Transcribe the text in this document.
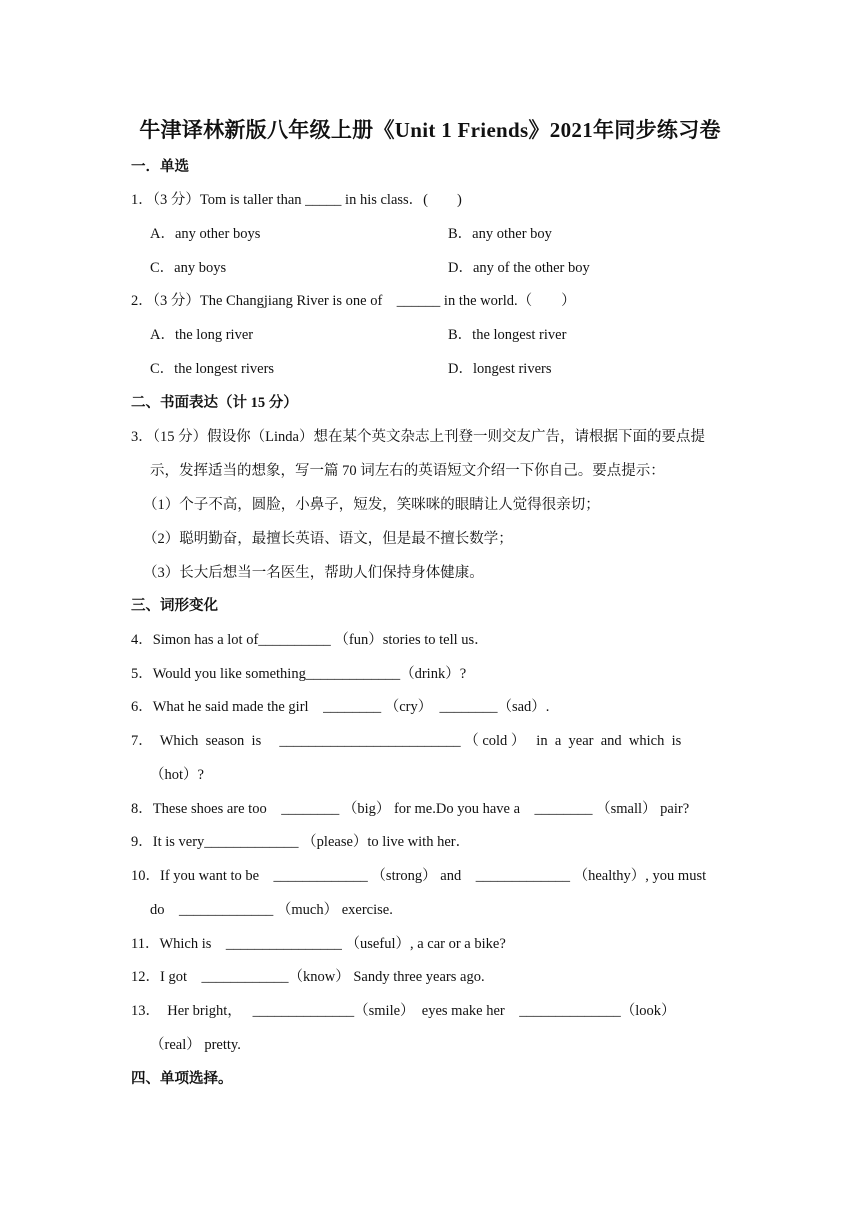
牛津译林新版八年级上册《Unit 1 Friends》2021年同步练习卷
一．单选
1．（3 分）Tom is taller than _____ in his class．(　　)
A．any other boys	B．any other boy
C．any boys	D．any of the other boy
2．（3 分）The Changjiang River is one of　______ in the world.（　　）
A．the long river	B．the longest river
C．the longest rivers	D．longest rivers
二、书面表达（计 15 分）
3．（15 分）假设你（Linda）想在某个英文杂志上刊登一则交友广告，请根据下面的要点提
示，发挥适当的想象，写一篇 70 词左右的英语短文介绍一下你自己。要点提示：
（1）个子不高，圆脸，小鼻子，短发，笑咪咪的眼睛让人觉得很亲切；
（2）聪明勤奋，最擅长英语、语文，但是最不擅长数学；
（3）长大后想当一名医生，帮助人们保持身体健康。
三、词形变化
4．Simon has a lot of__________ （fun）stories to tell us．
5．Would you like something_____________（drink）?
6．What he said made the girl　________ （cry）　________（sad）.
7．  Which  season  is　 _________________________ （ cold ）   in  a  year  and  which  is
（hot）?
8．These shoes are too　________ （big） for me.Do you have a　________ （small） pair?
9．It is very_____________ （please）to live with her．
10．If you want to be　_____________ （strong） and　_____________ （healthy）, you must
do　_____________ （much） exercise.
11．Which is　________________ （useful）, a car or a bike?
12．I got　____________（know） Sandy three years ago.
13．  Her bright，　 ______________（smile）  eyes make her　______________（look）
（real） pretty.
四、单项选择。
